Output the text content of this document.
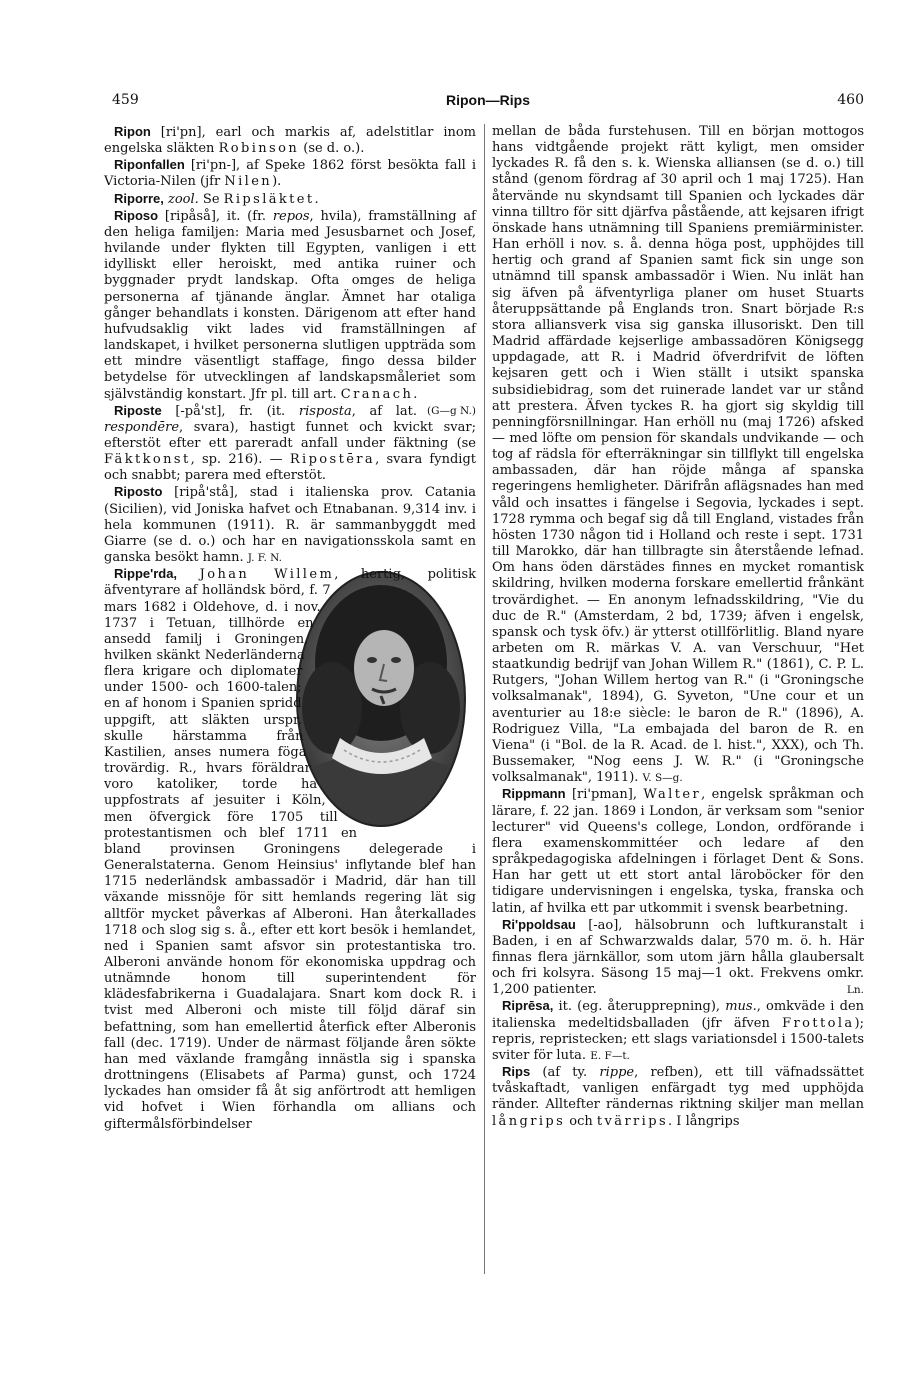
459	Ripon—Rips	460

Ripon [ri'pn], earl och markis af, adelstitlar inom engelska släkten Robinson (se d. o.).

Riponfallen [ri'pn-], af Speke 1862 först besökta fall i Victoria-Nilen (jfr Nilen).

Riporre, zool. Se Ripsläktet.

Riposo [ripåså], it. (fr. repos, hvila), framställning af den heliga familjen: Maria med Jesusbarnet och Josef, hvilande under flykten till Egypten, vanligen i ett idylliskt eller heroiskt, med antika ruiner och byggnader prydt landskap. Ofta omges de heliga personerna af tjänande änglar. Ämnet har otaliga gånger behandlats i konsten. Därigenom att efter hand hufvudsaklig vikt lades vid framställningen af landskapet, i hvilket personerna slutligen uppträda som ett mindre väsentligt staffage, fingo dessa bilder betydelse för utvecklingen af landskapsmåleriet som självständig konstart. Jfr pl. till art. Cranach.
(G—g N.)

Riposte [-på'st], fr. (it. risposta, af lat. respondēre, svara), hastigt funnet och kvickt svar; efterstöt efter ett pareradt anfall under fäktning (se Fäktkonst, sp. 216). — Ripostēra, svara fyndigt och snabbt; parera med efterstöt.

Riposto [ripå'stå], stad i italienska prov. Catania (Sicilien), vid Joniska hafvet och Etnabanan. 9,314 inv. i hela kommunen (1911). R. är sammanbyggdt med Giarre (se d. o.) och har en navigationsskola samt en ganska besökt hamn. J. F. N.

Rippe'rda, Johan Willem
, hertig, politisk äfventyrare af holländsk börd, f. 7 mars 1682 i Oldehove, d. i nov. 1737 i Tetuan, tillhörde en ansedd familj i Groningen, hvilken skänkt Nederländerna flera krigare och diplomater under 1500- och 1600-talen; en af honom i Spanien spridd uppgift, att släkten urspr. skulle härstamma från Kastilien, anses numera föga trovärdig. R., hvars föräldrar voro katoliker, torde ha uppfostrats af jesuiter i Köln, men öfvergick före 1705 till protestantismen och blef 1711 en bland provinsen Groningens delegerade i Generalstaterna. Genom Heinsius' inflytande blef han 1715 nederländsk ambassadör i Madrid, där han till växande missnöje för sitt hemlands regering lät sig alltför mycket påverkas af Alberoni. Han återkallades 1718 och slog sig s. å., efter ett kort besök i hemlandet, ned i Spanien samt afsvor sin protestantiska tro. Alberoni använde honom för ekonomiska uppdrag och utnämnde honom till superintendent för klädesfabrikerna i Guadalajara. Snart kom dock R. i tvist med Alberoni och miste till följd däraf sin befattning, som han emellertid återfick efter Alberonis fall (dec. 1719). Under de närmast följande åren sökte han med växlande framgång innästla sig i spanska drottningens (Elisabets af Parma) gunst, och 1724 lyckades han omsider få åt sig anförtrodt att hemligen vid hofvet i Wien förhandla om allians och giftermålsförbindelser

mellan de båda furstehusen. Till en början mottogos hans vidtgående projekt rätt kyligt, men omsider lyckades R. få den s. k. Wienska alliansen (se d. o.) till stånd (genom fördrag af 30 april och 1 maj 1725). Han återvände nu skyndsamt till Spanien och lyckades där vinna tilltro för sitt djärfva påstående, att kejsaren ifrigt önskade hans utnämning till Spaniens premiärminister. Han erhöll i nov. s. å. denna höga post, upphöjdes till hertig och grand af Spanien samt fick sin unge son utnämnd till spansk ambassadör i Wien. Nu inlät han sig äfven på äfventyrliga planer om huset Stuarts återuppsättande på Englands tron. Snart började R:s stora alliansverk visa sig ganska illusoriskt. Den till Madrid affärdade kejserlige ambassadören Königsegg uppdagade, att R. i Madrid öfverdrifvit de löften kejsaren gett och i Wien ställt i utsikt spanska subsidiebidrag, som det ruinerade landet var ur stånd att prestera. Äfven tyckes R. ha gjort sig skyldig till penningförsnillningar. Han erhöll nu (maj 1726) afsked — med löfte om pension för skandals undvikande — och tog af rädsla för efterräkningar sin tillflykt till engelska ambassaden, där han röjde många af spanska regeringens hemligheter. Därifrån aflägsnades han med våld och insattes i fängelse i Segovia, lyckades i sept. 1728 rymma och begaf sig då till England, vistades från hösten 1730 någon tid i Holland och reste i sept. 1731 till Marokko, där han tillbragte sin återstående lefnad. Om hans öden därstädes finnes en mycket romantisk skildring, hvilken moderna forskare emellertid frånkänt trovärdighet. — En anonym lefnadsskildring, "Vie du duc de R." (Amsterdam, 2 bd, 1739; äfven i engelsk, spansk och tysk öfv.) är ytterst otillförlitlig. Bland nyare arbeten om R. märkas V. A. van Verschuur, "Het staatkundig bedrijf van Johan Willem R." (1861), C. P. L. Rutgers, "Johan Willem hertog van R." (i "Groningsche volksalmanak", 1894), G. Syveton, "Une cour et un aventurier au 18:e siècle: le baron de R." (1896), A. Rodriguez Villa, "La embajada del baron de R. en Viena" (i "Bol. de la R. Acad. de l. hist.", XXX), och Th. Bussemaker, "Nog eens J. W. R." (i "Groningsche volksalmanak", 1911). V. S—g.

Rippmann [ri'pman], Walter, engelsk språkman och lärare, f. 22 jan. 1869 i London, är verksam som "senior lecturer" vid Queens's college, London, ordförande i flera examenskommittéer och ledare af den språkpedagogiska afdelningen i förlaget Dent & Sons. Han har gett ut ett stort antal läroböcker för den tidigare undervisningen i engelska, tyska, franska och latin, af hvilka ett par utkommit i svensk bearbetning.

Ri'ppoldsau [-ao], hälsobrunn och luftkuranstalt i Baden, i en af Schwarzwalds dalar, 570 m. ö. h. Här finnas flera järnkällor, som utom järn hålla glaubersalt och fri kolsyra. Säsong 15 maj—1 okt. Frekvens omkr. 1,200 patienter.	Ln.

Riprēsa, it. (eg. återupprepning), mus., omkväde i den italienska medeltidsballaden (jfr äfven Frottola); repris, repristecken; ett slags variationsdel i 1500-talets sviter för luta. E. F—t.

Rips (af ty. rippe, refben), ett till väfnadssättet tvåskaftadt, vanligen enfärgadt tyg med upphöjda ränder. Alltefter rändernas riktning skiljer man mellan långrips och tvärrips. I långrips
